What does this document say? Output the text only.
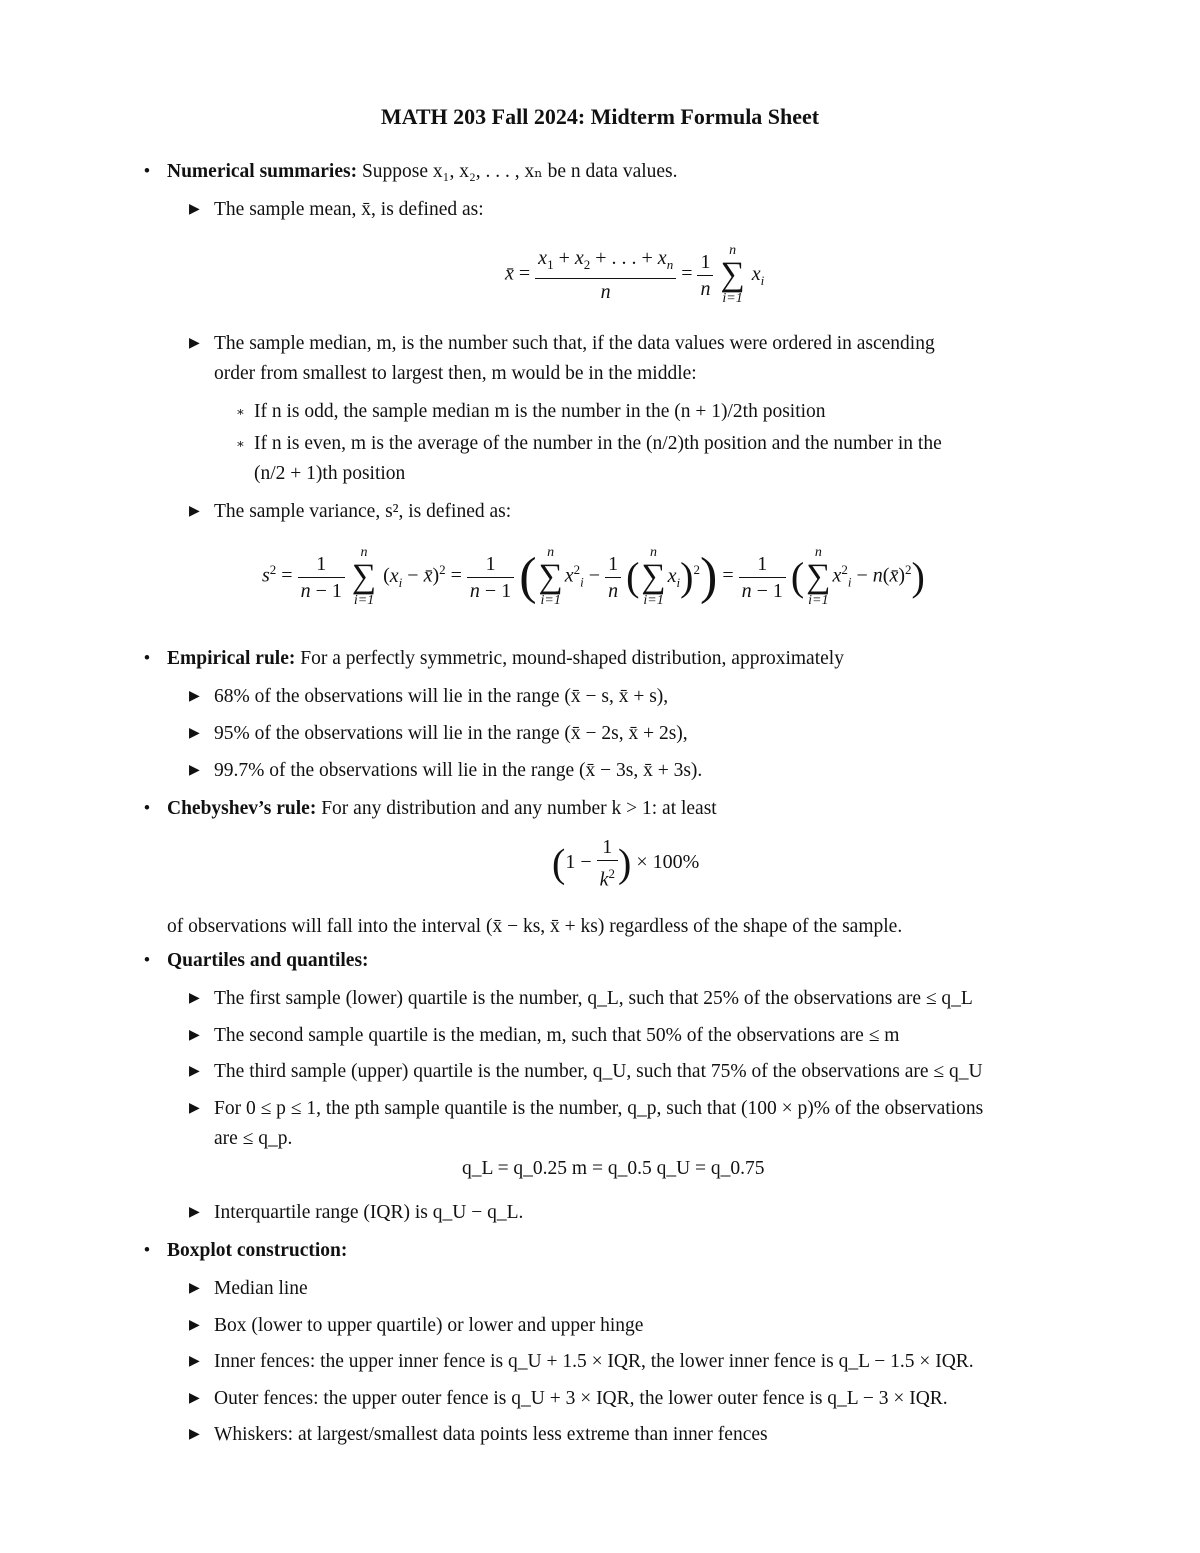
MATH 203 Fall 2024: Midterm Formula Sheet
• Numerical summaries: Suppose x₁, x₂, . . . , xₙ be n data values.
▶ The sample mean, x̄, is defined as:
x̄ = $\frac{x_1 + x_2 + . . . + x_n}{n} = \frac{1}{n}$
	n
∑
i=1
$x_i$
▶ The sample median, m, is the number such that, if the data values were ordered in ascending
order from smallest to largest then, m would be in the middle:
∗ If n is odd, the sample median m is the number in the (n + 1)/2th position
∗ If n is even, m is the average of the number in the (n/2)th position and the number in the
(n/2 + 1)th position
▶ The sample variance, s², is defined as:
$s^2 = \frac{1}{n - 1}$
	n
∑
i=1
($x_i$ − x̄)$^2$ = $\frac{1}{n - 1}$ ( n
∑
i=1
$x^2_i - \frac{1}{n}$ (
n
∑
i=1
$x_i)^2) = \frac{1}{n - 1}$ (
n
∑
i=1
$x^2_i$ − n(x̄)$^2$)
• Empirical rule: For a perfectly symmetric, mound-shaped distribution, approximately
▶ 68% of the observations will lie in the range (x̄ − s, x̄ + s),
▶ 95% of the observations will lie in the range (x̄ − 2s, x̄ + 2s),
▶ 99.7% of the observations will lie in the range (x̄ − 3s, x̄ + 3s).
• Chebyshev’s rule: For any distribution and any number k > 1: at least
($1 - \frac{1}{k^2}$ ) × 100%
of observations will fall into the interval (x̄ − ks, x̄ + ks) regardless of the shape of the sample.
• Quartiles and quantiles:
▶ The first sample (lower) quartile is the number, q_L, such that 25% of the observations are ≤ q_L
▶ The second sample quartile is the median, m, such that 50% of the observations are ≤ m
▶ The third sample (upper) quartile is the number, q_U, such that 75% of the observations are ≤ q_U
▶ For 0 ≤ p ≤ 1, the pth sample quantile is the number, q_p, such that (100 × p)% of the observations
are ≤ q_p.
q_L = q_0.25 m = q_0.5 q_U = q_0.75
▶ Interquartile range (IQR) is q_U − q_L.
• Boxplot construction:
▶ Median line
▶ Box (lower to upper quartile) or lower and upper hinge
▶ Inner fences: the upper inner fence is q_U + 1.5 × IQR, the lower inner fence is q_L − 1.5 × IQR.
▶ Outer fences: the upper outer fence is q_U + 3 × IQR, the lower outer fence is q_L − 3 × IQR.
▶ Whiskers: at largest/smallest data points less extreme than inner fences
